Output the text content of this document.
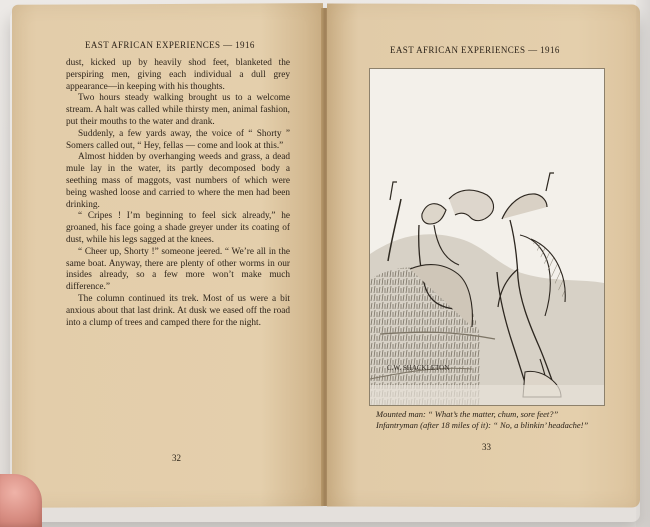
EAST AFRICAN EXPERIENCES — 1916	EAST AFRICAN EXPERIENCES — 1916

dust, kicked up by heavily shod feet, blanketed the perspiring men, giving each individual a dull grey appearance—in keeping with his thoughts.

Two hours steady walking brought us to a welcome stream. A halt was called while thirsty men, animal fashion, put their mouths to the water and drank.

Suddenly, a few yards away, the voice of “ Shorty ” Somers called out, “ Hey, fellas — come and look at this.”

Almost hidden by overhanging weeds and grass, a dead mule lay in the water, its partly decomposed body a seething mass of maggots, vast numbers of which were being washed loose and carried to where the men had been drinking.

“ Cripes ! I’m beginning to feel sick already,” he groaned, his face going a shade greyer under its coating of dust, while his legs sagged at the knees.

“ Cheer up, Shorty !” someone jeered. “ We’re all in the same boat. Anyway, there are plenty of other worms in our insides already, so a few more won’t make much difference.”

The column continued its trek. Most of us were a bit anxious about that last drink. At dusk we eased off the road into a clump of trees and camped there for the night.

32
C.W. SHACKLETON
Mounted man: “ What’s the matter, chum, sore feet?”
Infantryman (after 18 miles of it): “ No, a blinkin’ headache!”
33
